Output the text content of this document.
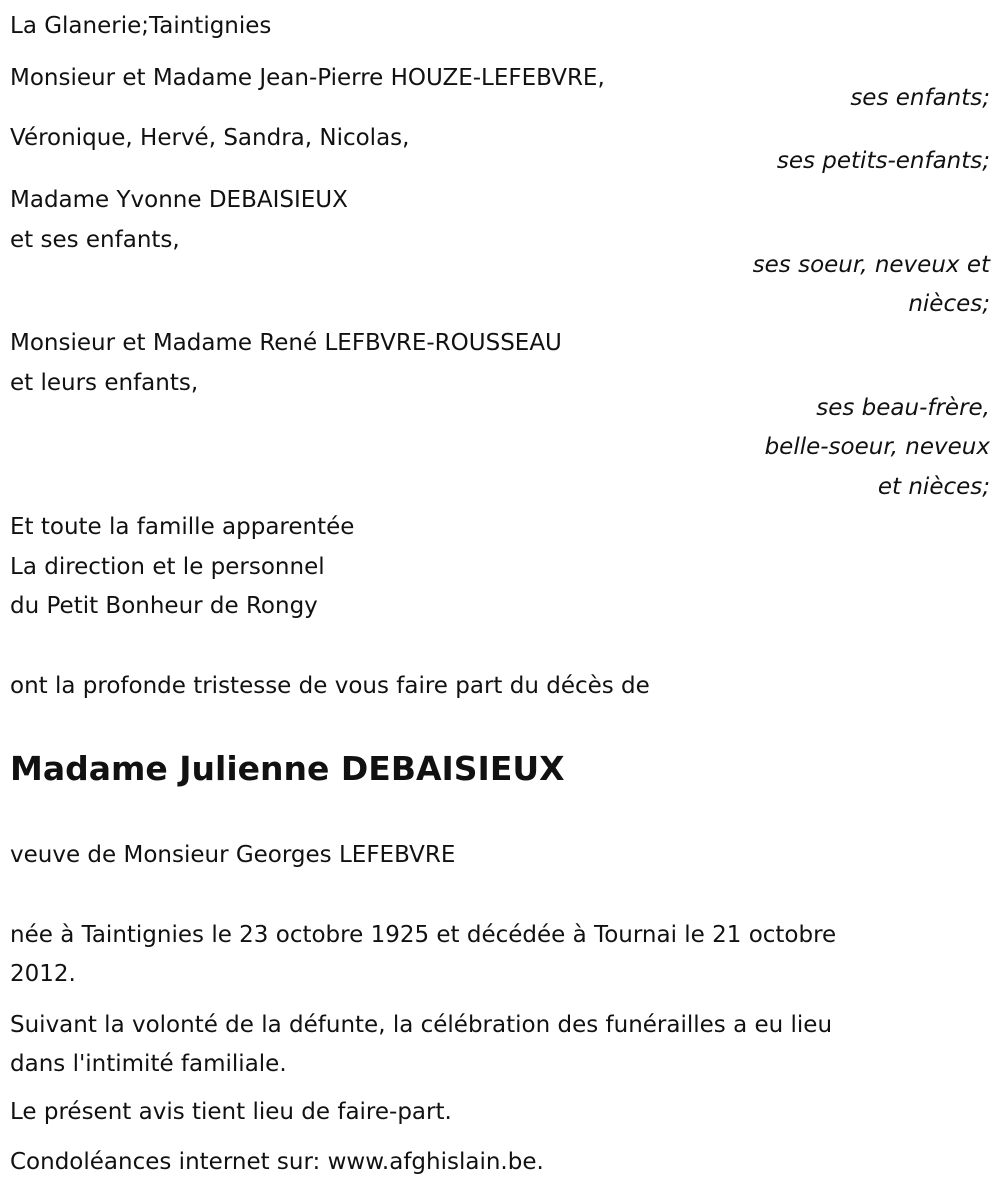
La Glanerie;Taintignies
Monsieur et Madame Jean-Pierre HOUZE-LEFEBVRE,
ses enfants;
Véronique, Hervé, Sandra, Nicolas,
ses petits-enfants;
Madame Yvonne DEBAISIEUX
et ses enfants,
ses soeur, neveux et
nièces;
Monsieur et Madame René LEFBVRE-ROUSSEAU
et leurs enfants,
ses beau-frère,
belle-soeur, neveux
et nièces;
Et toute la famille apparentée
La direction et le personnel
du Petit Bonheur de Rongy
ont la profonde tristesse de vous faire part du décès de
Madame Julienne DEBAISIEUX
veuve de Monsieur Georges LEFEBVRE
née à Taintignies le 23 octobre 1925 et décédée à Tournai le 21 octobre
2012.
Suivant la volonté de la défunte, la célébration des funérailles a eu lieu
dans l'intimité familiale.
Le présent avis tient lieu de faire-part.
Condoléances internet sur: www.afghislain.be.
